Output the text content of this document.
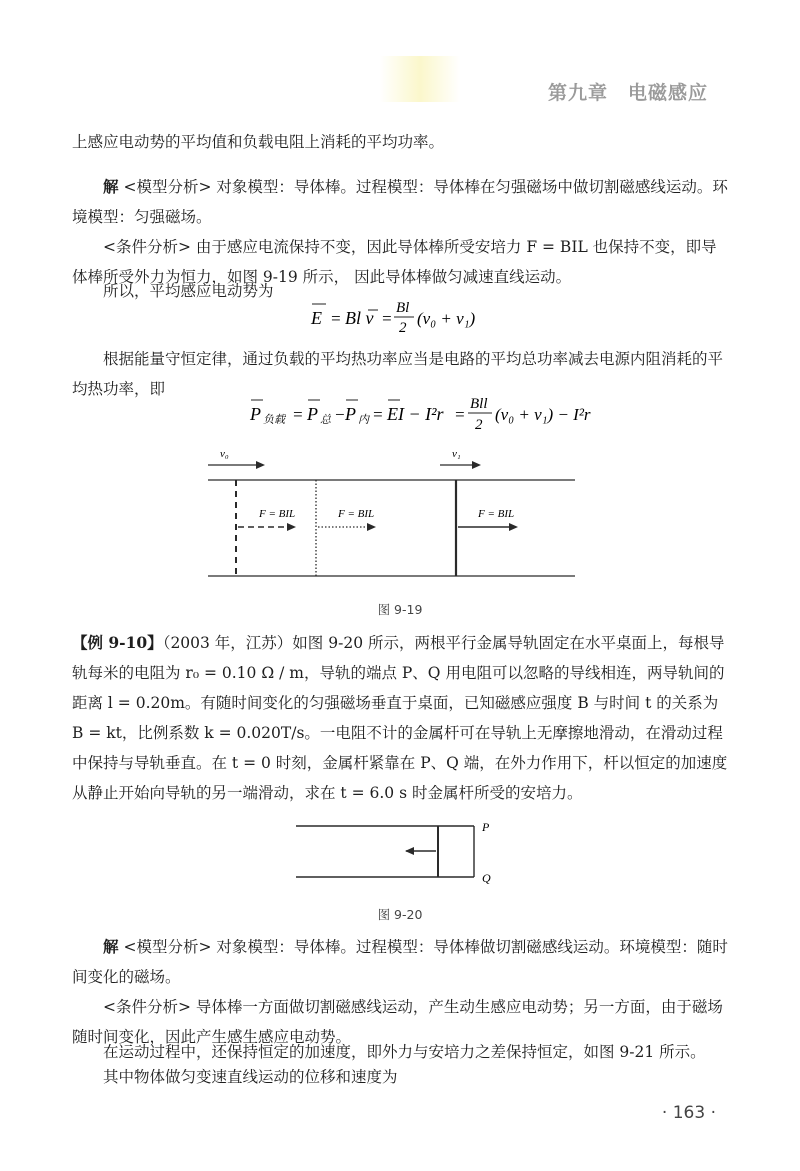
第九章　电磁感应

上感应电动势的平均值和负载电阻上消耗的平均功率。

解 <模型分析> 对象模型：导体棒。过程模型：导体棒在匀强磁场中做切割磁感线运动。环境模型：匀强磁场。

<条件分析> 由于感应电流保持不变，因此导体棒所受安培力 F = BIL 也保持不变，即导体棒所受外力为恒力，如图 9-19 所示， 因此导体棒做匀减速直线运动。

所以，平均感应电动势为

E = Bl v =
Bl
2 (v₀ + v₁)

根据能量守恒定律，通过负载的平均热功率应当是电路的平均总功率减去电源内阻消耗的平均热功率，即

P 负载 = P 总 − P 内 = EI − I²r =
Bll
2
(v₀ + v₁) − I²r
v₀	v₁
F = BIL	F = BIL	F = BIL
图 9-19

【例 9-10】（2003 年，江苏）如图 9-20 所示，两根平行金属导轨固定在水平桌面上，每根导轨每米的电阻为 r₀ = 0.10 Ω / m，导轨的端点 P、Q 用电阻可以忽略的导线相连，两导轨间的距离 l = 0.20m。有随时间变化的匀强磁场垂直于桌面，已知磁感应强度 B 与时间 t 的关系为 B = kt，比例系数 k = 0.020T/s。一电阻不计的金属杆可在导轨上无摩擦地滑动，在滑动过程中保持与导轨垂直。在 t = 0 时刻，金属杆紧靠在 P、Q 端，在外力作用下，杆以恒定的加速度从静止开始向导轨的另一端滑动，求在 t = 6.0 s 时金属杆所受的安培力。

P
Q
图 9-20

解 <模型分析> 对象模型：导体棒。过程模型：导体棒做切割磁感线运动。环境模型：随时间变化的磁场。

<条件分析> 导体棒一方面做切割磁感线运动，产生动生感应电动势；另一方面，由于磁场随时间变化，因此产生感生感应电动势。

在运动过程中，还保持恒定的加速度，即外力与安培力之差保持恒定，如图 9-21 所示。

其中物体做匀变速直线运动的位移和速度为

· 163 ·
